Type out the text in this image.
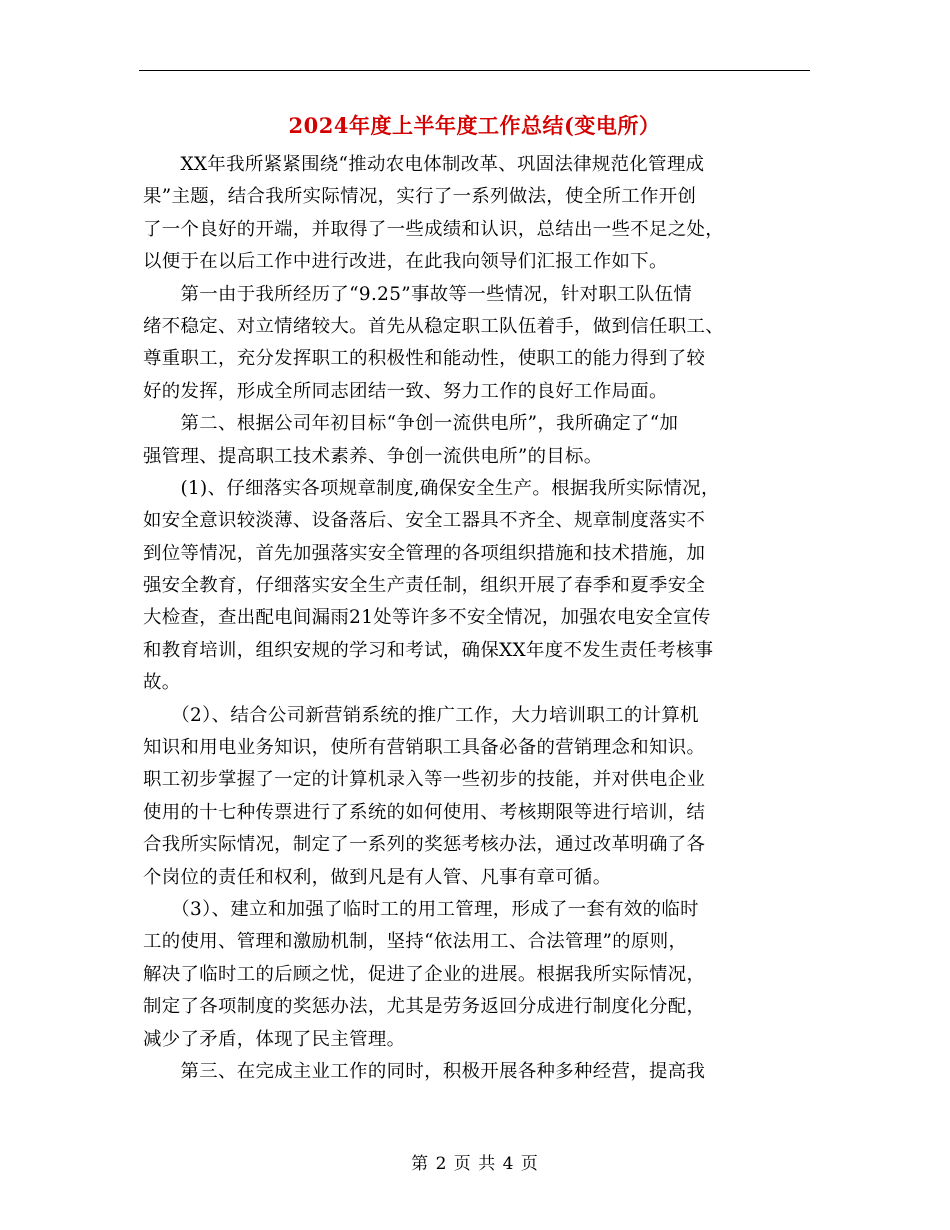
2024年度上半年度工作总结(变电所）
　　XX年我所紧紧围绕“推动农电体制改革、巩固法律规范化管理成
果”主题，结合我所实际情况，实行了一系列做法，使全所工作开创
了一个良好的开端，并取得了一些成绩和认识，总结出一些不足之处，
以便于在以后工作中进行改进，在此我向领导们汇报工作如下。
　　第一由于我所经历了“9.25”事故等一些情况，针对职工队伍情
绪不稳定、对立情绪较大。首先从稳定职工队伍着手，做到信任职工、
尊重职工，充分发挥职工的积极性和能动性，使职工的能力得到了较
好的发挥，形成全所同志团结一致、努力工作的良好工作局面。
　　第二、根据公司年初目标“争创一流供电所”，我所确定了“加
强管理、提高职工技术素养、争创一流供电所”的目标。
　　(1)、仔细落实各项规章制度,确保安全生产。根据我所实际情况，
如安全意识较淡薄、设备落后、安全工器具不齐全、规章制度落实不
到位等情况，首先加强落实安全管理的各项组织措施和技术措施，加
强安全教育，仔细落实安全生产责任制，组织开展了春季和夏季安全
大检查，查出配电间漏雨21处等许多不安全情况，加强农电安全宣传
和教育培训，组织安规的学习和考试，确保XX年度不发生责任考核事
故。
　　（2）、结合公司新营销系统的推广工作，大力培训职工的计算机
知识和用电业务知识，使所有营销职工具备必备的营销理念和知识。
职工初步掌握了一定的计算机录入等一些初步的技能，并对供电企业
使用的十七种传票进行了系统的如何使用、考核期限等进行培训，结
合我所实际情况，制定了一系列的奖惩考核办法，通过改革明确了各
个岗位的责任和权利，做到凡是有人管、凡事有章可循。
　　（3）、建立和加强了临时工的用工管理，形成了一套有效的临时
工的使用、管理和激励机制，坚持“依法用工、合法管理”的原则，
解决了临时工的后顾之忧，促进了企业的进展。根据我所实际情况，
制定了各项制度的奖惩办法，尤其是劳务返回分成进行制度化分配，
减少了矛盾，体现了民主管理。
　　第三、在完成主业工作的同时，积极开展各种多种经营，提高我
第 2 页 共 4 页
